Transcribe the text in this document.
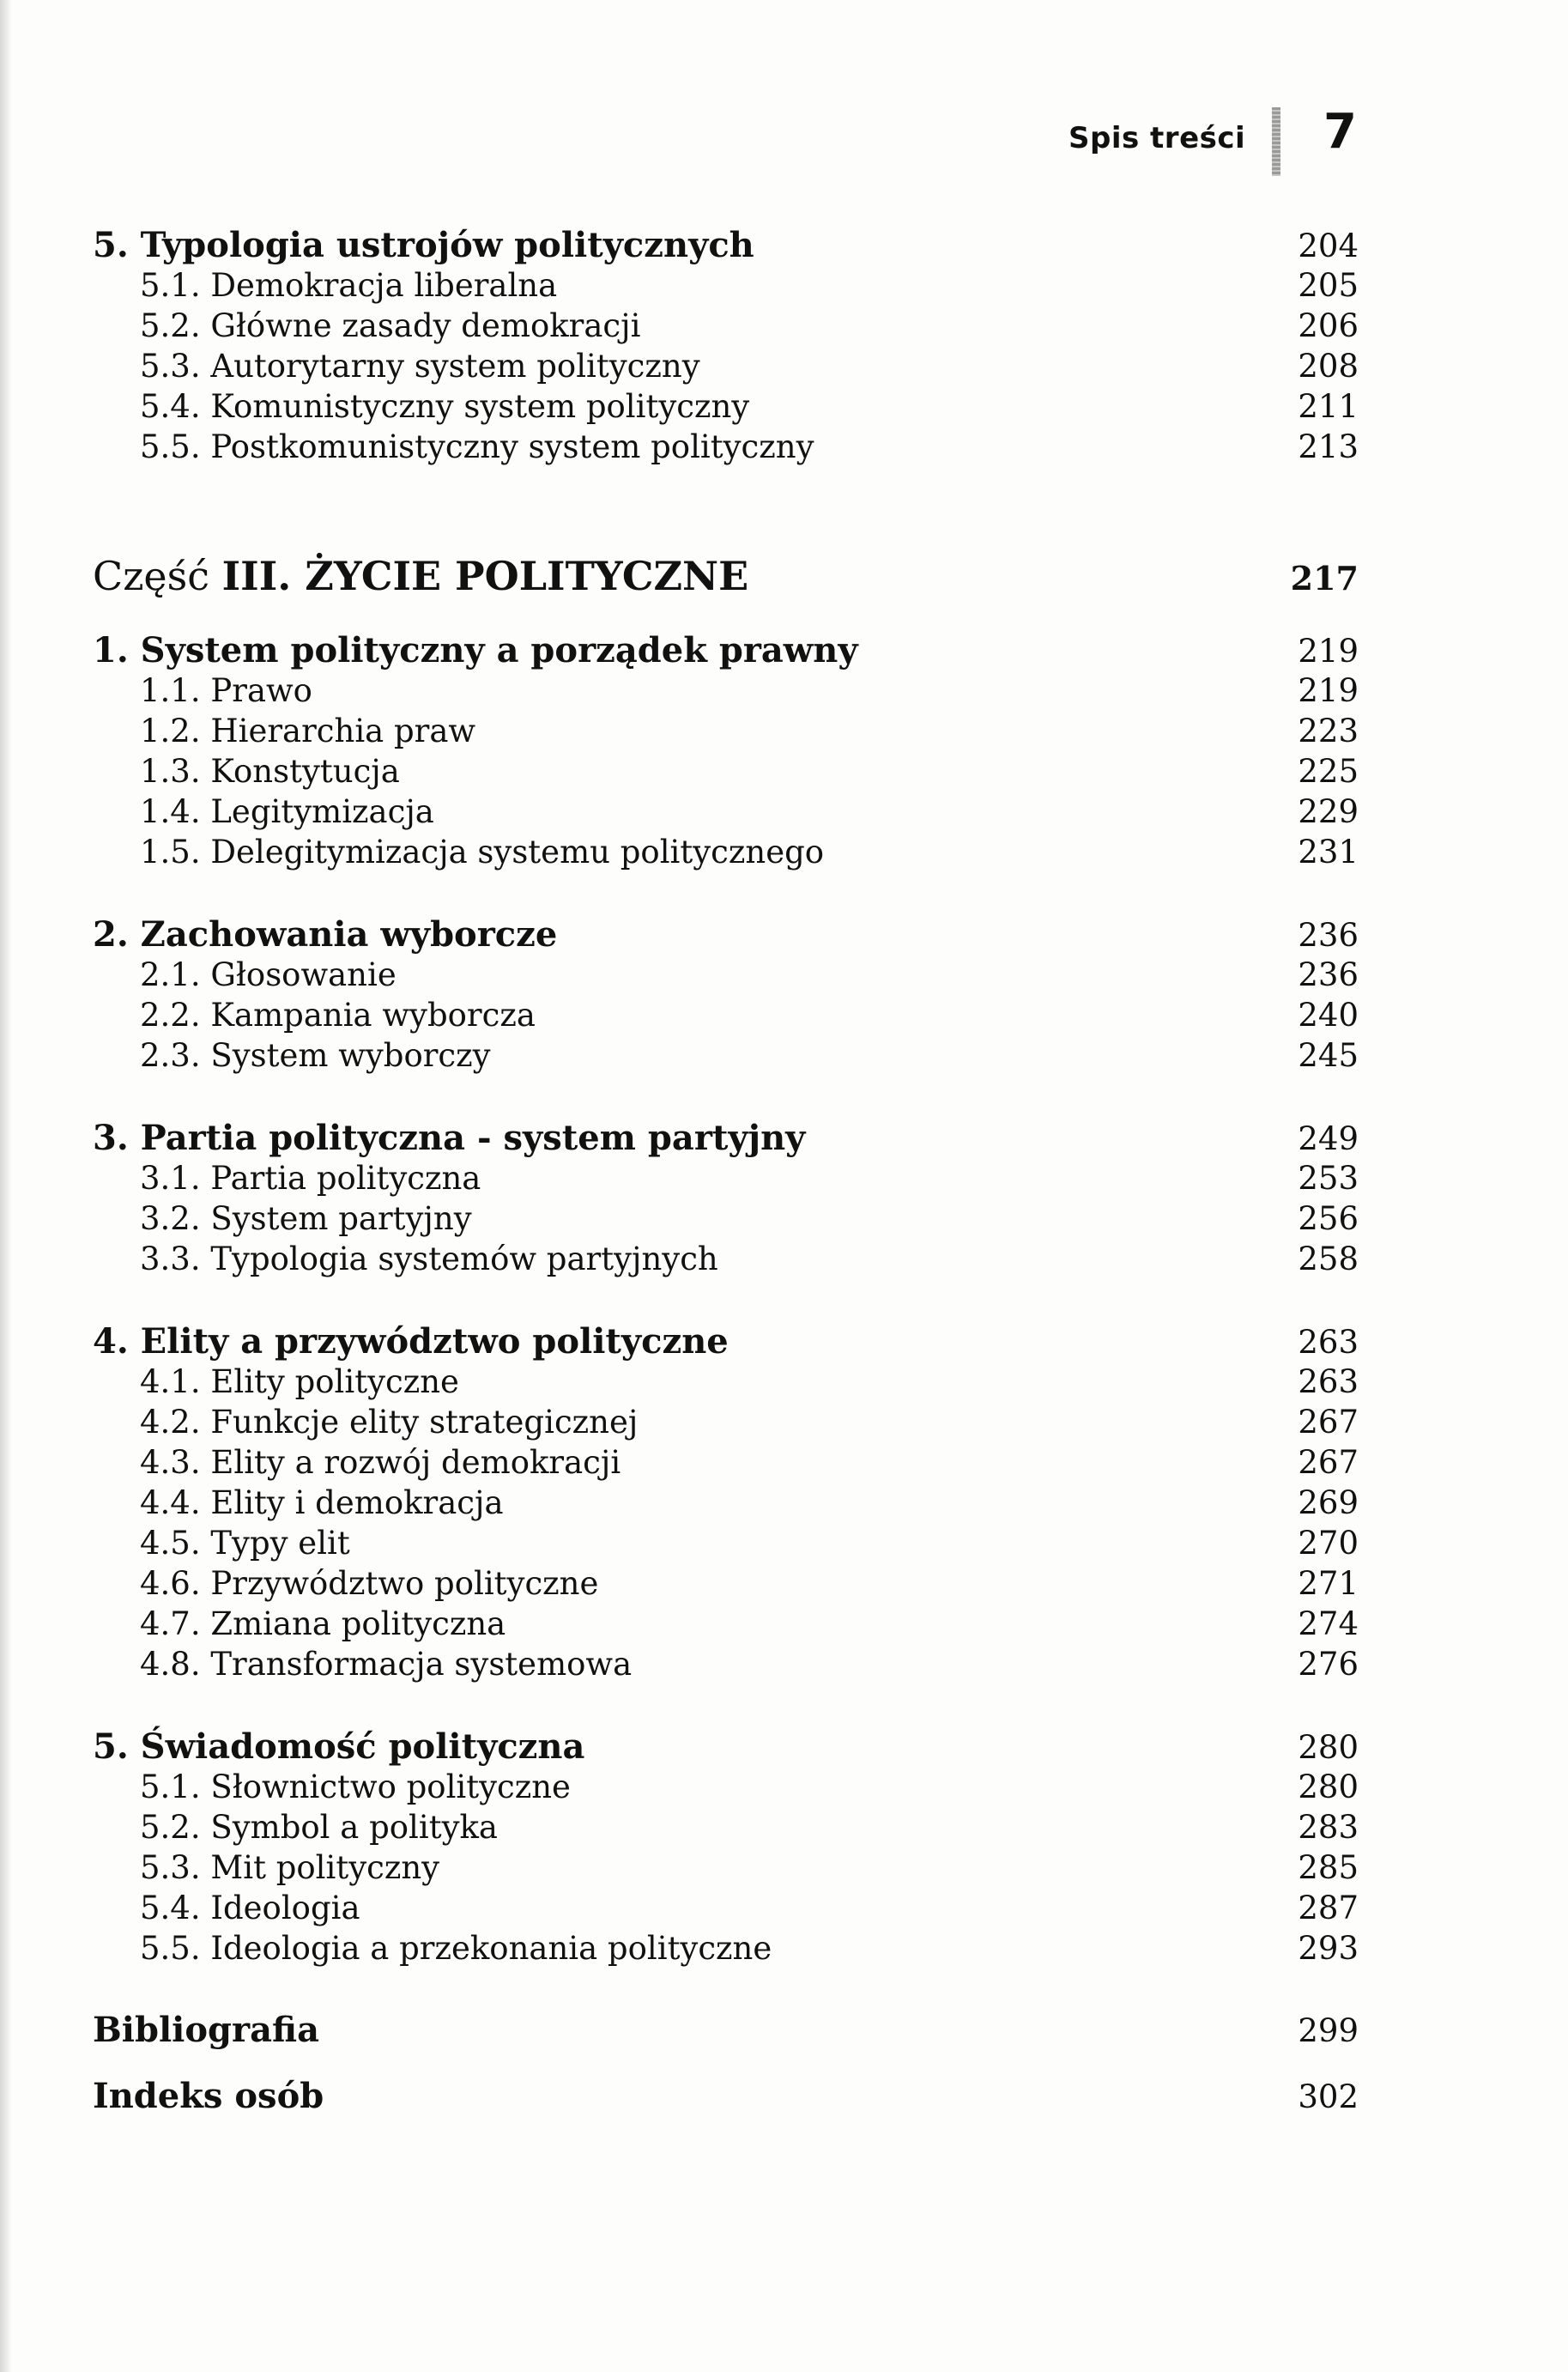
Spis treści 7
5. Typologia ustrojów politycznych	204
5.1. Demokracja liberalna	205
5.2. Główne zasady demokracji	206
5.3. Autorytarny system polityczny	208
5.4. Komunistyczny system polityczny	211
5.5. Postkomunistyczny system polityczny	213
Część III. ŻYCIE POLITYCZNE	217
1. System polityczny a porządek prawny	219
1.1. Prawo	219
1.2. Hierarchia praw	223
1.3. Konstytucja	225
1.4. Legitymizacja	229
1.5. Delegitymizacja systemu politycznego	231
2. Zachowania wyborcze	236
2.1. Głosowanie	236
2.2. Kampania wyborcza	240
2.3. System wyborczy	245
3. Partia polityczna - system partyjny	249
3.1. Partia polityczna	253
3.2. System partyjny	256
3.3. Typologia systemów partyjnych	258
4. Elity a przywództwo polityczne	263
4.1. Elity polityczne	263
4.2. Funkcje elity strategicznej	267
4.3. Elity a rozwój demokracji	267
4.4. Elity i demokracja	269
4.5. Typy elit	270
4.6. Przywództwo polityczne	271
4.7. Zmiana polityczna	274
4.8. Transformacja systemowa	276
5. Świadomość polityczna	280
5.1. Słownictwo polityczne	280
5.2. Symbol a polityka	283
5.3. Mit polityczny	285
5.4. Ideologia	287
5.5. Ideologia a przekonania polityczne	293
Bibliografia	299
Indeks osób	302
